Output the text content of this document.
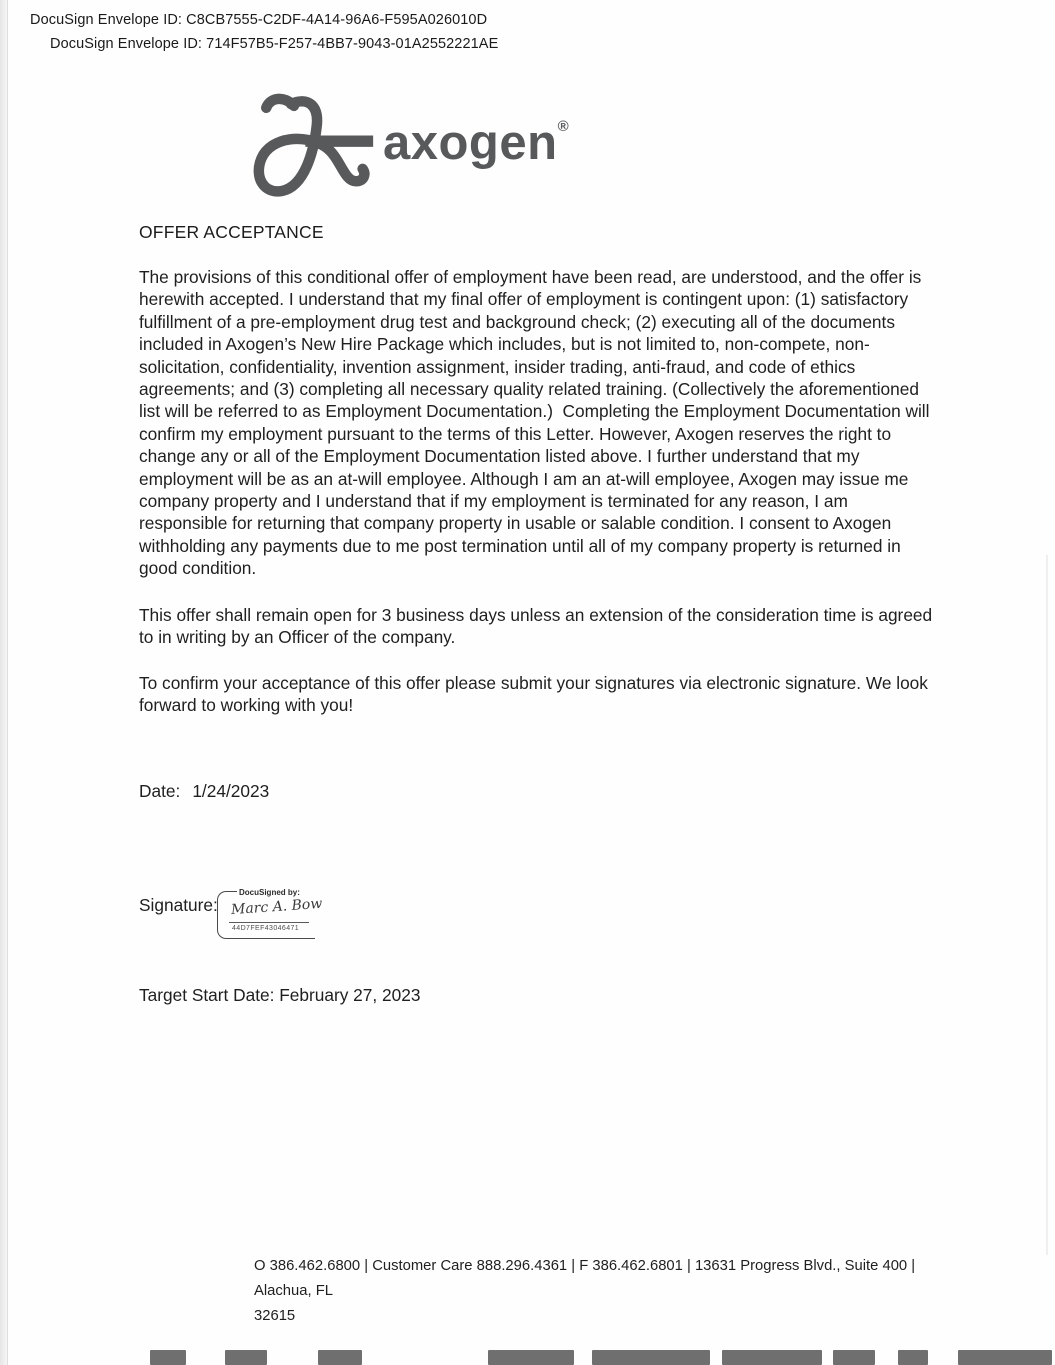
DocuSign Envelope ID: C8CB7555-C2DF-4A14-96A6-F595A026010D
DocuSign Envelope ID: 714F57B5-F257-4BB7-9043-01A2552221AE
axogen®
OFFER ACCEPTANCE
The provisions of this conditional offer of employment have been read, are understood, and the offer is herewith accepted. I understand that my final offer of employment is contingent upon: (1) satisfactory fulfillment of a pre-employment drug test and background check; (2) executing all of the documents included in Axogen’s New Hire Package which includes, but is not limited to, non-compete, non-solicitation, confidentiality, invention assignment, insider trading, anti-fraud, and code of ethics agreements; and (3) completing all necessary quality related training. (Collectively the aforementioned list will be referred to as Employment Documentation.)  Completing the Employment Documentation will confirm my employment pursuant to the terms of this Letter. However, Axogen reserves the right to change any or all of the Employment Documentation listed above. I further understand that my employment will be as an at-will employee. Although I am an at-will employee, Axogen may issue me company property and I understand that if my employment is terminated for any reason, I am responsible for returning that company property in usable or salable condition. I consent to Axogen withholding any payments due to me post termination until all of my company property is returned in good condition.
This offer shall remain open for 3 business days unless an extension of the consideration time is agreed to in writing by an Officer of the company.
To confirm your acceptance of this offer please submit your signatures via electronic signature. We look forward to working with you!
Date: 1/24/2023
Signature:
DocuSigned by:
Marc A. Bow
44D7FEF43046471
Target Start Date: February 27, 2023
O 386.462.6800 | Customer Care 888.296.4361 | F 386.462.6801 | 13631 Progress Blvd., Suite 400 | Alachua, FL
32615
